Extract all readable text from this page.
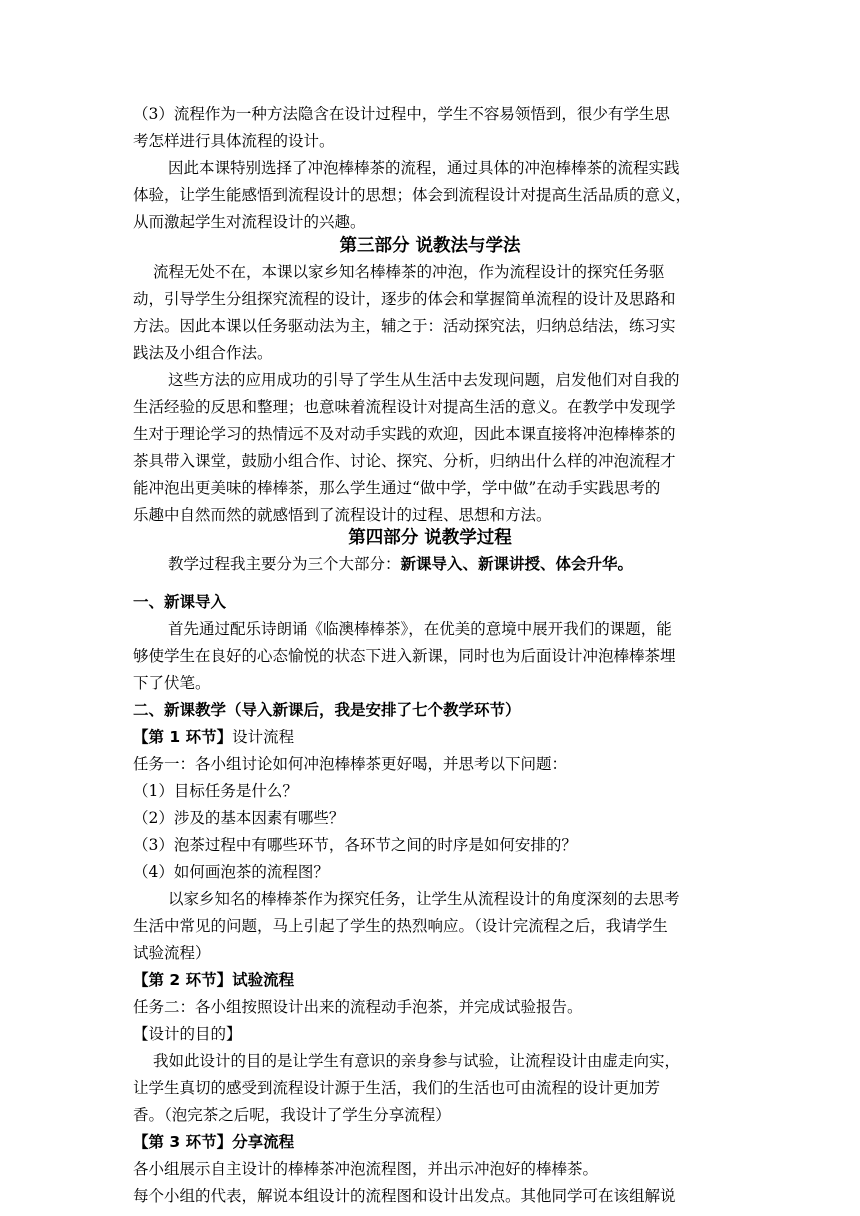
（3）流程作为一种方法隐含在设计过程中，学生不容易领悟到，很少有学生思
考怎样进行具体流程的设计。
因此本课特别选择了冲泡棒棒茶的流程，通过具体的冲泡棒棒茶的流程实践
体验，让学生能感悟到流程设计的思想；体会到流程设计对提高生活品质的意义，
从而激起学生对流程设计的兴趣。
第三部分 说教法与学法
流程无处不在，本课以家乡知名棒棒茶的冲泡，作为流程设计的探究任务驱
动，引导学生分组探究流程的设计，逐步的体会和掌握简单流程的设计及思路和
方法。因此本课以任务驱动法为主，辅之于：活动探究法，归纳总结法，练习实
践法及小组合作法。
这些方法的应用成功的引导了学生从生活中去发现问题，启发他们对自我的
生活经验的反思和整理；也意味着流程设计对提高生活的意义。在教学中发现学
生对于理论学习的热情远不及对动手实践的欢迎，因此本课直接将冲泡棒棒茶的
茶具带入课堂，鼓励小组合作、讨论、探究、分析，归纳出什么样的冲泡流程才
能冲泡出更美味的棒棒茶，那么学生通过“做中学，学中做”在动手实践思考的
乐趣中自然而然的就感悟到了流程设计的过程、思想和方法。
第四部分 说教学过程
教学过程我主要分为三个大部分：新课导入、新课讲授、体会升华。
一、新课导入
首先通过配乐诗朗诵《临澳棒棒茶》，在优美的意境中展开我们的课题，能
够使学生在良好的心态愉悦的状态下进入新课，同时也为后面设计冲泡棒棒茶埋
下了伏笔。
二、新课教学（导入新课后，我是安排了七个教学环节）
【第 1 环节】设计流程
任务一：各小组讨论如何冲泡棒棒茶更好喝，并思考以下问题：
（1）目标任务是什么？
（2）涉及的基本因素有哪些？
（3）泡茶过程中有哪些环节，各环节之间的时序是如何安排的？
（4）如何画泡茶的流程图？
以家乡知名的棒棒茶作为探究任务，让学生从流程设计的角度深刻的去思考
生活中常见的问题，马上引起了学生的热烈响应。（设计完流程之后，我请学生
试验流程）
【第 2 环节】试验流程
任务二：各小组按照设计出来的流程动手泡茶，并完成试验报告。
【设计的目的】
我如此设计的目的是让学生有意识的亲身参与试验，让流程设计由虚走向实，
让学生真切的感受到流程设计源于生活，我们的生活也可由流程的设计更加芳
香。（泡完茶之后呢，我设计了学生分享流程）
【第 3 环节】分享流程
各小组展示自主设计的棒棒茶冲泡流程图，并出示冲泡好的棒棒茶。
每个小组的代表，解说本组设计的流程图和设计出发点。其他同学可在该组解说
